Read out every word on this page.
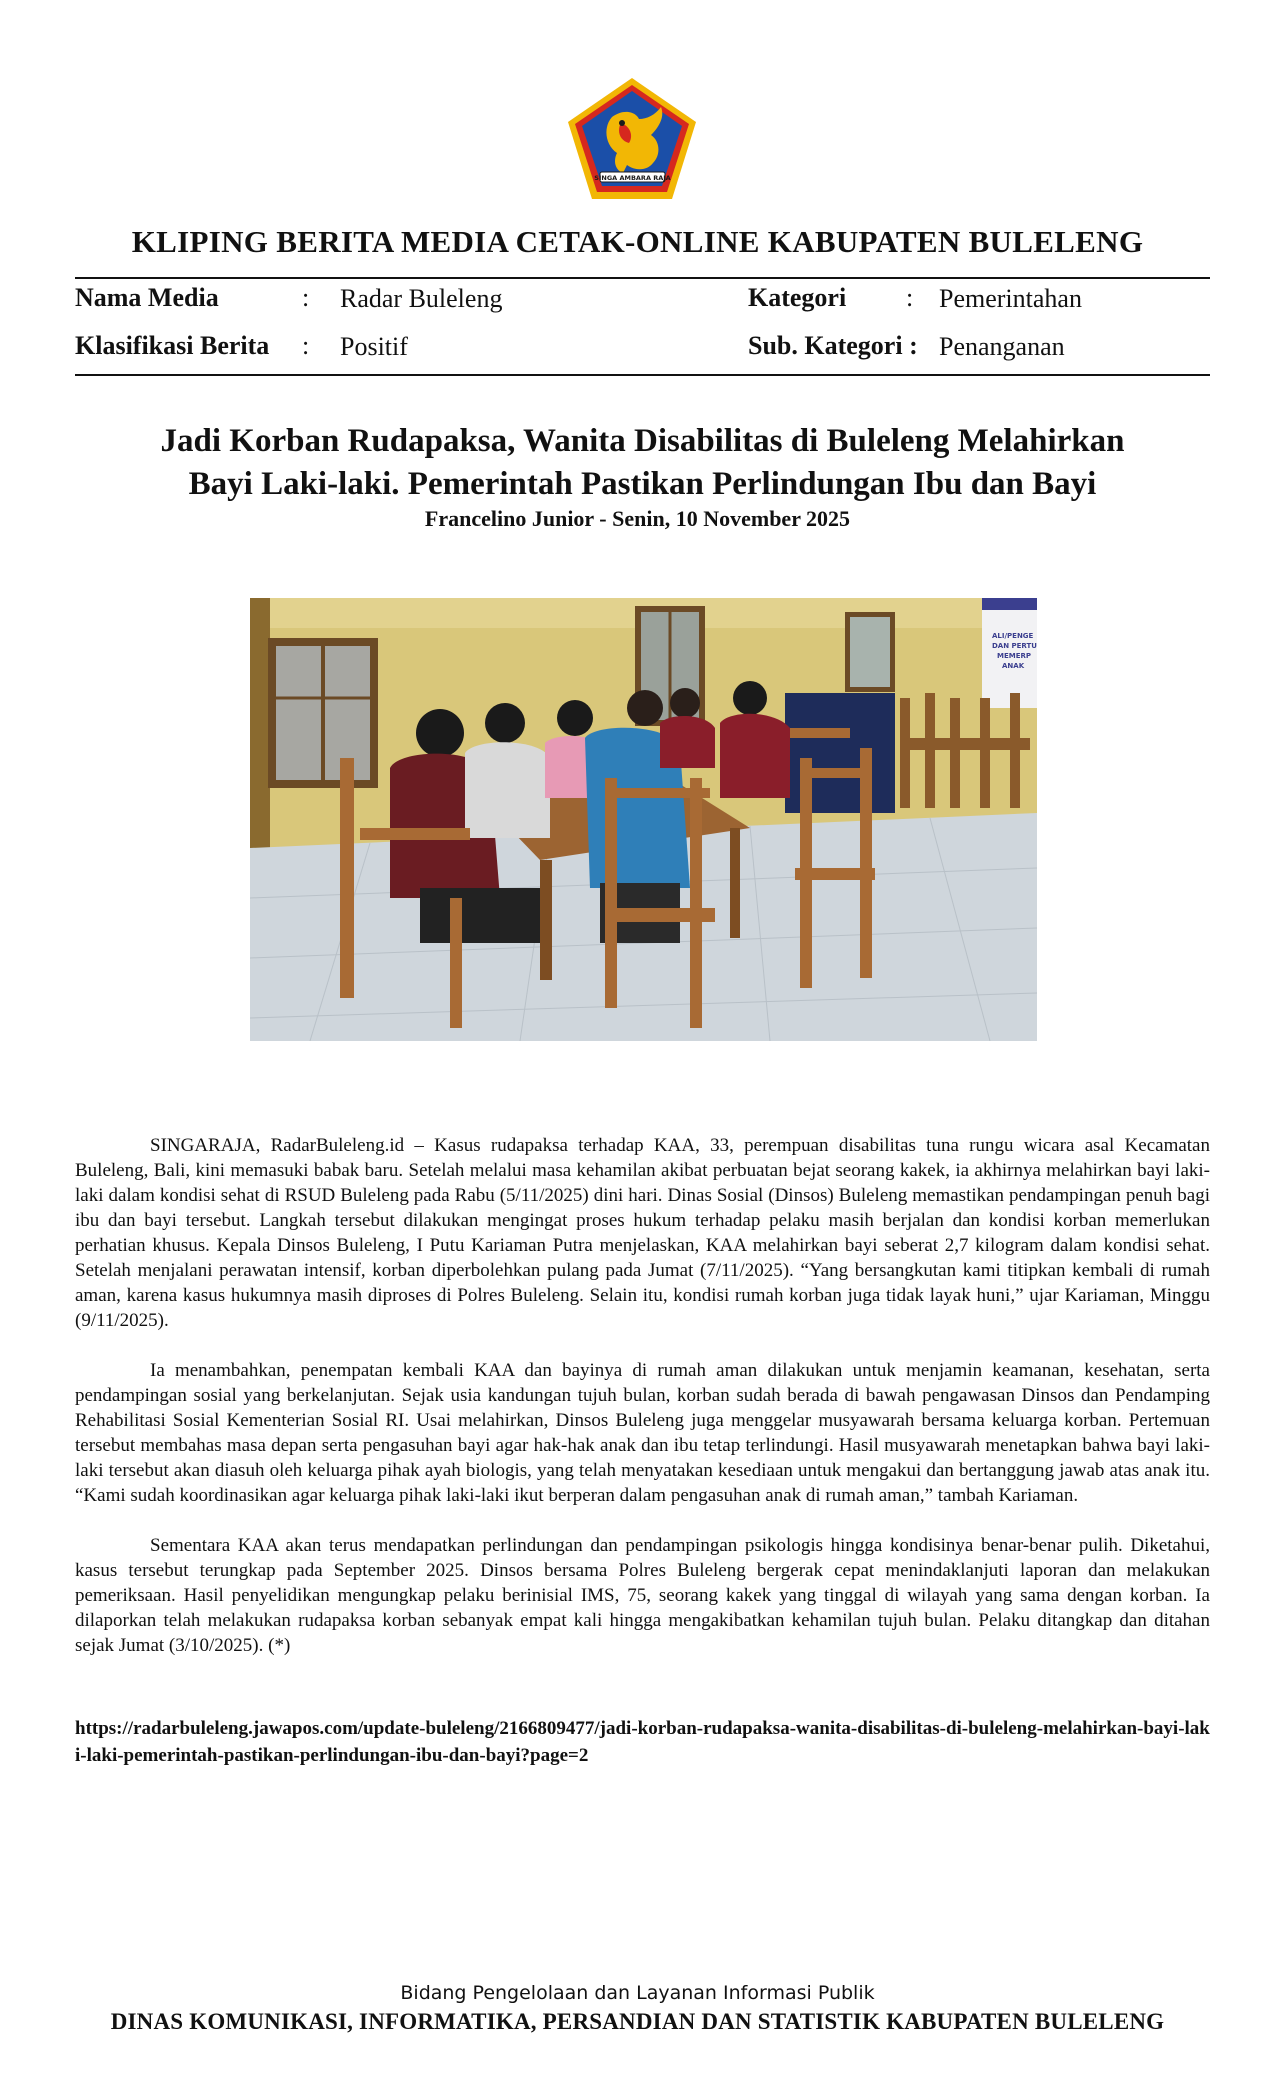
SINGA AMBARA RAJA
KLIPING BERITA MEDIA CETAK-ONLINE KABUPATEN BULELENG
Nama Media	: Radar Buleleng	Kategori : Pemerintahan
Klasifikasi Berita : Positif	Sub. Kategori : Penanganan
Jadi Korban Rudapaksa, Wanita Disabilitas di Buleleng Melahirkan
Bayi Laki-laki. Pemerintah Pastikan Perlindungan Ibu dan Bayi
Francelino Junior - Senin, 10 November 2025
ALI/PENGE
DAN PERTU
MEMERP
ANAK

SINGARAJA, RadarBuleleng.id – Kasus rudapaksa terhadap KAA, 33, perempuan disabilitas tuna rungu wicara asal Kecamatan Buleleng, Bali, kini memasuki babak baru. Setelah melalui masa kehamilan akibat perbuatan bejat seorang kakek, ia akhirnya melahirkan bayi laki-laki dalam kondisi sehat di RSUD Buleleng pada Rabu (5/11/2025) dini hari. Dinas Sosial (Dinsos) Buleleng memastikan pendampingan penuh bagi ibu dan bayi tersebut. Langkah tersebut dilakukan mengingat proses hukum terhadap pelaku masih berjalan dan kondisi korban memerlukan perhatian khusus. Kepala Dinsos Buleleng, I Putu Kariaman Putra menjelaskan, KAA melahirkan bayi seberat 2,7 kilogram dalam kondisi sehat. Setelah menjalani perawatan intensif, korban diperbolehkan pulang pada Jumat (7/11/2025). “Yang bersangkutan kami titipkan kembali di rumah aman, karena kasus hukumnya masih diproses di Polres Buleleng. Selain itu, kondisi rumah korban juga tidak layak huni,” ujar Kariaman, Minggu (9/11/2025).

Ia menambahkan, penempatan kembali KAA dan bayinya di rumah aman dilakukan untuk menjamin keamanan, kesehatan, serta pendampingan sosial yang berkelanjutan. Sejak usia kandungan tujuh bulan, korban sudah berada di bawah pengawasan Dinsos dan Pendamping Rehabilitasi Sosial Kementerian Sosial RI. Usai melahirkan, Dinsos Buleleng juga menggelar musyawarah bersama keluarga korban. Pertemuan tersebut membahas masa depan serta pengasuhan bayi agar hak-hak anak dan ibu tetap terlindungi. Hasil musyawarah menetapkan bahwa bayi laki-laki tersebut akan diasuh oleh keluarga pihak ayah biologis, yang telah menyatakan kesediaan untuk mengakui dan bertanggung jawab atas anak itu. “Kami sudah koordinasikan agar keluarga pihak laki-laki ikut berperan dalam pengasuhan anak di rumah aman,” tambah Kariaman.

Sementara KAA akan terus mendapatkan perlindungan dan pendampingan psikologis hingga kondisinya benar-benar pulih. Diketahui, kasus tersebut terungkap pada September 2025. Dinsos bersama Polres Buleleng bergerak cepat menindaklanjuti laporan dan melakukan pemeriksaan. Hasil penyelidikan mengungkap pelaku berinisial IMS, 75, seorang kakek yang tinggal di wilayah yang sama dengan korban. Ia dilaporkan telah melakukan rudapaksa korban sebanyak empat kali hingga mengakibatkan kehamilan tujuh bulan. Pelaku ditangkap dan ditahan sejak Jumat (3/10/2025). (*)

https://radarbuleleng.jawapos.com/update-buleleng/2166809477/jadi-korban-rudapaksa-wanita-disabilitas-di-buleleng-melahirkan-bayi-laki-laki-pemerintah-pastikan-perlindungan-ibu-dan-bayi?page=2
Bidang Pengelolaan dan Layanan Informasi Publik
DINAS KOMUNIKASI, INFORMATIKA, PERSANDIAN DAN STATISTIK KABUPATEN BULELENG
